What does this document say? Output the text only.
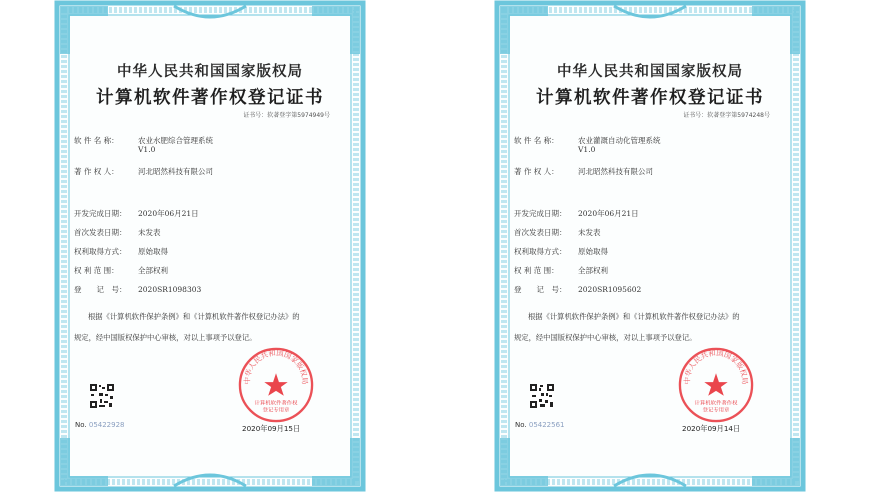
中华人民共和国国家版权局
计算机软件著作权登记证书
证书号：软著登字第5974949号
软 件 名 称：	农业水肥综合管理系统
V1.0
著 作 权 人：	河北昭然科技有限公司
开发完成日期： 2020年06月21日
首次发表日期： 未发表
权利取得方式： 原始取得
权 利 范 围：	全部权利
登　　记　号： 2020SR1098303
根据《计算机软件保护条例》和《计算机软件著作权登记办法》的
规定，经中国版权保护中心审核，对以上事项予以登记。
No. 05422928
中华人民共和国国家版权局
计算机软件著作权
登记专用章
2020年09月15日
中华人民共和国国家版权局
计算机软件著作权登记证书
证书号：软著登字第5974248号
软 件 名 称：	农业灌溉自动化管理系统
V1.0
著 作 权 人：	河北昭然科技有限公司
开发完成日期： 2020年06月21日
首次发表日期： 未发表
权利取得方式： 原始取得
权 利 范 围：	全部权利
登　　记　号： 2020SR1095602
根据《计算机软件保护条例》和《计算机软件著作权登记办法》的
规定，经中国版权保护中心审核，对以上事项予以登记。
No. 05422561
中华人民共和国国家版权局
计算机软件著作权
登记专用章
2020年09月14日
